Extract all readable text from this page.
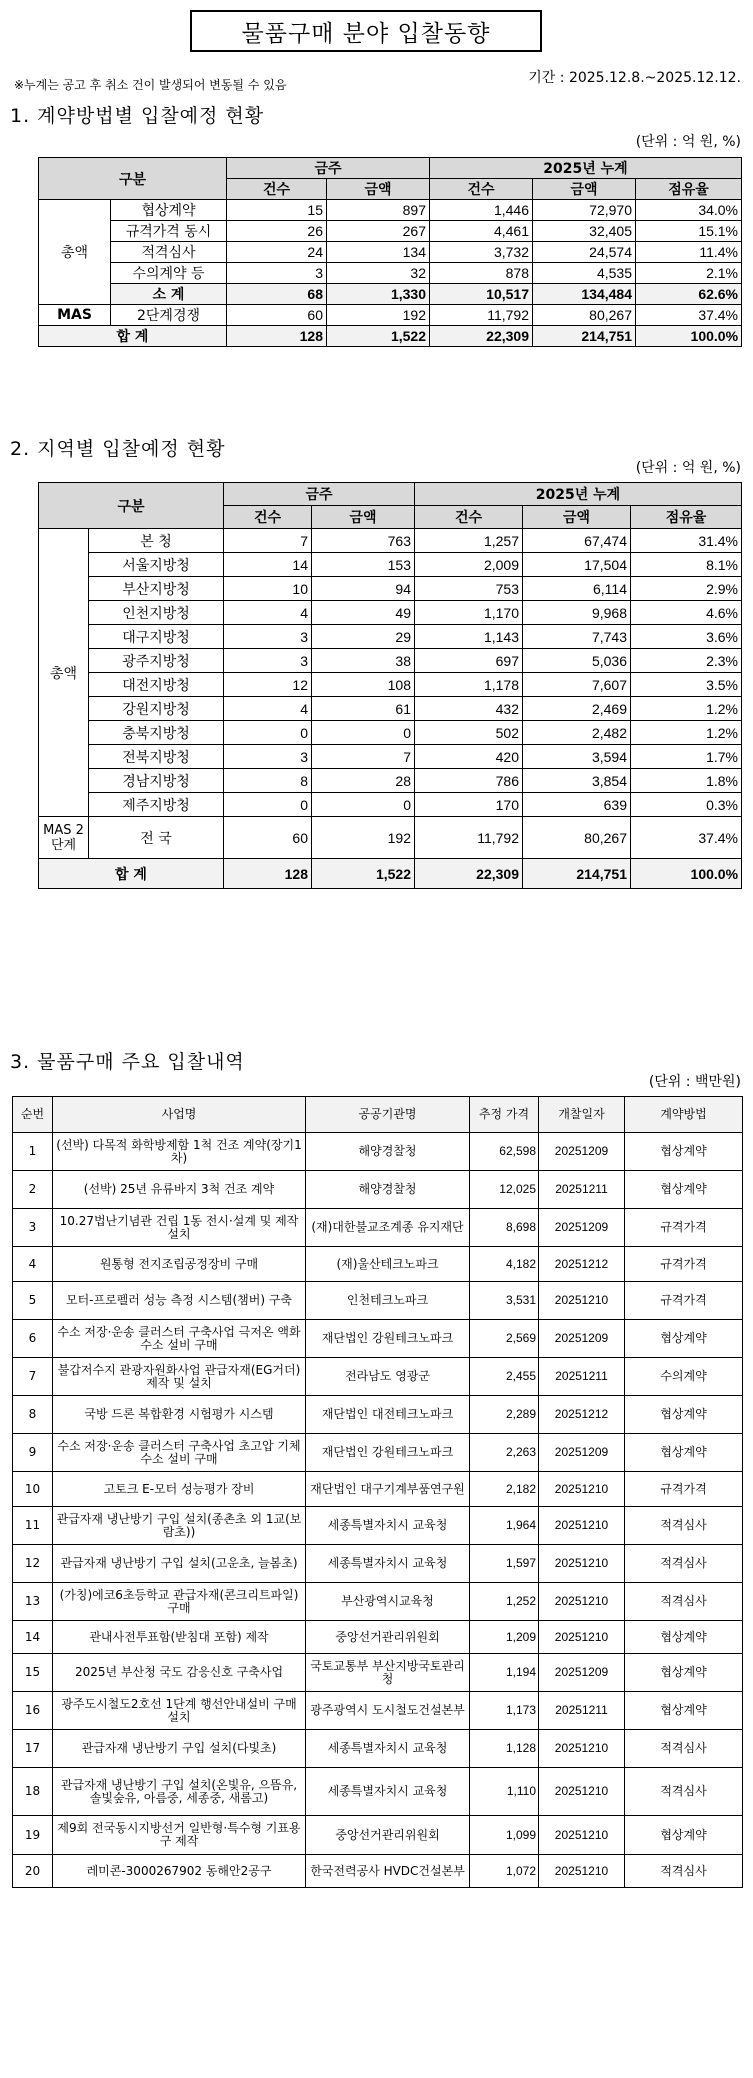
물품구매 분야 입찰동향
※누계는 공고 후 취소 건이 발생되어 변동될 수 있음	기간 : 2025.12.8.~2025.12.12.
1. 계약방법별 입찰예정 현황
(단위 : 억 원, %)
구분		금주		2025년 누계		
		건수	금액	건수	금액	점유율
총액	협상계약	15	897	1,446	72,970	34.0%
	규격가격 동시	26	267	4,461	32,405	15.1%
	적격심사	24	134	3,732	24,574	11.4%
	수의계약 등	3	32	878	4,535	2.1%
	소 계	68	1,330	10,517	134,484	62.6%
MAS	2단계경쟁	60	192	11,792	80,267	37.4%
합 계		128	1,522	22,309	214,751	100.0%
2. 지역별 입찰예정 현황
(단위 : 억 원, %)
구분		금주		2025년 누계		
		건수	금액	건수	금액	점유율
총액	본 청	7	763	1,257	67,474	31.4%
	서울지방청	14	153	2,009	17,504	8.1%
	부산지방청	10	94	753	6,114	2.9%
	인천지방청	4	49	1,170	9,968	4.6%
	대구지방청	3	29	1,143	7,743	3.6%
	광주지방청	3	38	697	5,036	2.3%
	대전지방청	12	108	1,178	7,607	3.5%
	강원지방청	4	61	432	2,469	1.2%
	충북지방청	0	0	502	2,482	1.2%
	전북지방청	3	7	420	3,594	1.7%
	경남지방청	8	28	786	3,854	1.8%
	제주지방청	0	0	170	639	0.3%
MAS 2단계	전 국	60	192	11,792	80,267	37.4%
합 계		128	1,522	22,309	214,751	100.0%
3. 물품구매 주요 입찰내역
(단위 : 백만원)
순번	사업명	공공기관명	추정 가격	개찰일자	계약방법
1	(선박) 다목적 화학방제함 1척 건조 계약(장기1차)	해양경찰청	62,598	20251209	협상계약
2	(선박) 25년 유류바지 3척 건조 계약	해양경찰청	12,025	20251211	협상계약
3	10.27법난기념관 건립 1동 전시·설계 및 제작 설치	(재)대한불교조계종 유지재단	8,698	20251209	규격가격
4	원통형 전지조립공정장비 구매	(재)울산테크노파크	4,182	20251212	규격가격
5	모터-프로펠러 성능 측정 시스템(챔버) 구축	인천테크노파크	3,531	20251210	규격가격
6	수소 저장·운송 클러스터 구축사업 극저온 액화수소 설비 구매	재단법인 강원테크노파크	2,569	20251209	협상계약
7	불갑저수지 관광자원화사업 관급자재(EG거더) 제작 및 설치	전라남도 영광군	2,455	20251211	수의계약
8	국방 드론 복합환경 시험평가 시스템	재단법인 대전테크노파크	2,289	20251212	협상계약
9	수소 저장·운송 클러스터 구축사업 초고압 기체수소 설비 구매	재단법인 강원테크노파크	2,263	20251209	협상계약
10	고토크 E-모터 성능평가 장비	재단법인 대구기계부품연구원	2,182	20251210	규격가격
11	관급자재 냉난방기 구입 설치(종촌초 외 1교(보람초))	세종특별자치시 교육청	1,964	20251210	적격심사
12	관급자재 냉난방기 구입 설치(고운초, 늘봄초)	세종특별자치시 교육청	1,597	20251210	적격심사
13	(가칭)에코6초등학교 관급자재(콘크리트파일) 구매	부산광역시교육청	1,252	20251210	적격심사
14	관내사전투표함(받침대 포함) 제작	중앙선거관리위원회	1,209	20251210	협상계약
15	2025년 부산청 국도 감응신호 구축사업	국토교통부 부산지방국토관리청	1,194	20251209	협상계약
16	광주도시철도2호선 1단계 행선안내설비 구매 설치	광주광역시 도시철도건설본부	1,173	20251211	협상계약
17	관급자재 냉난방기 구입 설치(다빛초)	세종특별자치시 교육청	1,128	20251210	적격심사
18	관급자재 냉난방기 구입 설치(온빛유, 으뜸유, 솔빛숲유, 아름중, 세종중, 새롬고)	세종특별자치시 교육청	1,110	20251210	적격심사
19	제9회 전국동시지방선거 일반형·특수형 기표용구 제작	중앙선거관리위원회	1,099	20251210	협상계약
20	레미콘-3000267902 동해안2공구	한국전력공사 HVDC건설본부	1,072	20251210	적격심사
